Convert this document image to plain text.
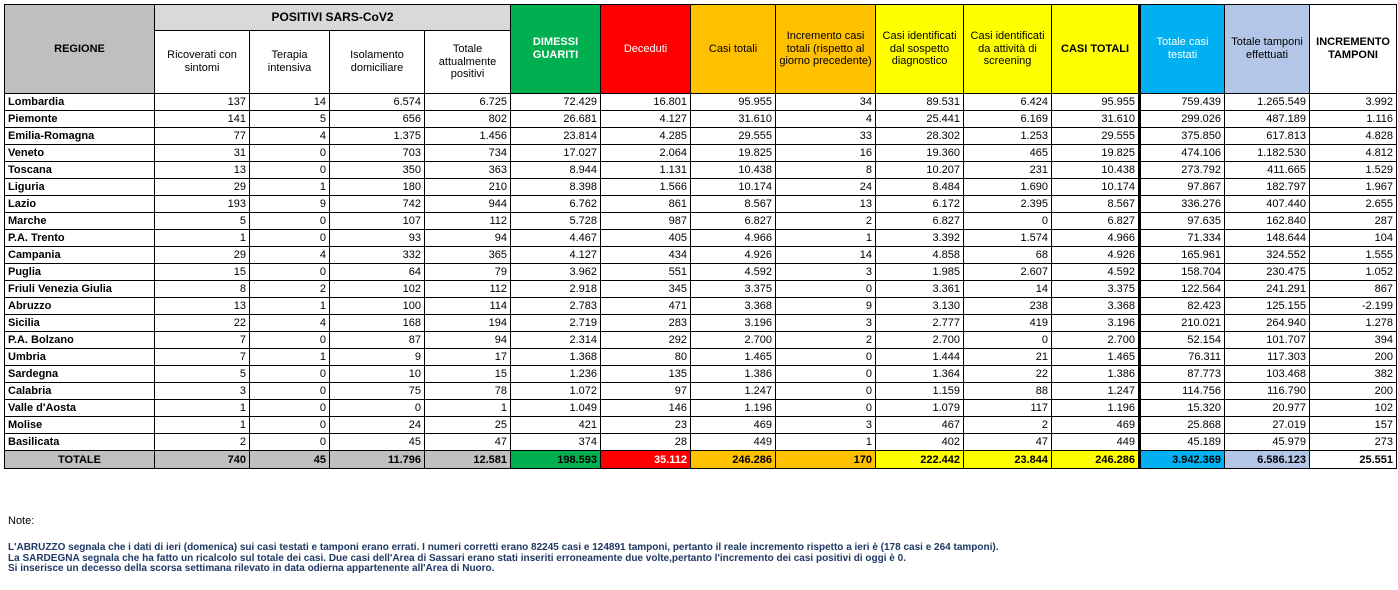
REGIONE	POSITIVI SARS-CoV2				DIMESSI GUARITI	Deceduti	Casi totali	Incremento casi totali (rispetto al giorno precedente)	Casi identificati dal sospetto diagnostico	Casi identificati da attività di screening	CASI TOTALI	Totale casi testati	Totale tamponi effettuati	INCREMENTO TAMPONI
	Ricoverati con sintomi	Terapia intensiva	Isolamento domiciliare	Totale attualmente positivi										
Lombardia	137	14	6.574	6.725	72.429	16.801	95.955	34	89.531	6.424	95.955	759.439	1.265.549	3.992
Piemonte	141	5	656	802	26.681	4.127	31.610	4	25.441	6.169	31.610	299.026	487.189	1.116
Emilia-Romagna	77	4	1.375	1.456	23.814	4.285	29.555	33	28.302	1.253	29.555	375.850	617.813	4.828
Veneto	31	0	703	734	17.027	2.064	19.825	16	19.360	465	19.825	474.106	1.182.530	4.812
Toscana	13	0	350	363	8.944	1.131	10.438	8	10.207	231	10.438	273.792	411.665	1.529
Liguria	29	1	180	210	8.398	1.566	10.174	24	8.484	1.690	10.174	97.867	182.797	1.967
Lazio	193	9	742	944	6.762	861	8.567	13	6.172	2.395	8.567	336.276	407.440	2.655
Marche	5	0	107	112	5.728	987	6.827	2	6.827	0	6.827	97.635	162.840	287
P.A. Trento	1	0	93	94	4.467	405	4.966	1	3.392	1.574	4.966	71.334	148.644	104
Campania	29	4	332	365	4.127	434	4.926	14	4.858	68	4.926	165.961	324.552	1.555
Puglia	15	0	64	79	3.962	551	4.592	3	1.985	2.607	4.592	158.704	230.475	1.052
Friuli Venezia Giulia	8	2	102	112	2.918	345	3.375	0	3.361	14	3.375	122.564	241.291	867
Abruzzo	13	1	100	114	2.783	471	3.368	9	3.130	238	3.368	82.423	125.155	-2.199
Sicilia	22	4	168	194	2.719	283	3.196	3	2.777	419	3.196	210.021	264.940	1.278
P.A. Bolzano	7	0	87	94	2.314	292	2.700	2	2.700	0	2.700	52.154	101.707	394
Umbria	7	1	9	17	1.368	80	1.465	0	1.444	21	1.465	76.311	117.303	200
Sardegna	5	0	10	15	1.236	135	1.386	0	1.364	22	1.386	87.773	103.468	382
Calabria	3	0	75	78	1.072	97	1.247	0	1.159	88	1.247	114.756	116.790	200
Valle d'Aosta	1	0	0	1	1.049	146	1.196	0	1.079	117	1.196	15.320	20.977	102
Molise	1	0	24	25	421	23	469	3	467	2	469	25.868	27.019	157
Basilicata	2	0	45	47	374	28	449	1	402	47	449	45.189	45.979	273
TOTALE	740	45	11.796	12.581	198.593	35.112	246.286	170	222.442	23.844	246.286	3.942.369	6.586.123	25.551
Note:
L'ABRUZZO segnala che i dati di ieri (domenica) sui casi testati e tamponi erano errati. I numeri corretti erano 82245 casi e 124891 tamponi, pertanto il reale incremento rispetto a ieri è (178 casi e 264 tamponi).
La SARDEGNA segnala che ha fatto un ricalcolo sul totale dei casi. Due casi dell'Area di Sassari erano stati inseriti erroneamente due volte,pertanto l'incremento dei casi positivi di oggi è 0.
Si inserisce un decesso della scorsa settimana rilevato in data odierna appartenente all'Area di Nuoro.
